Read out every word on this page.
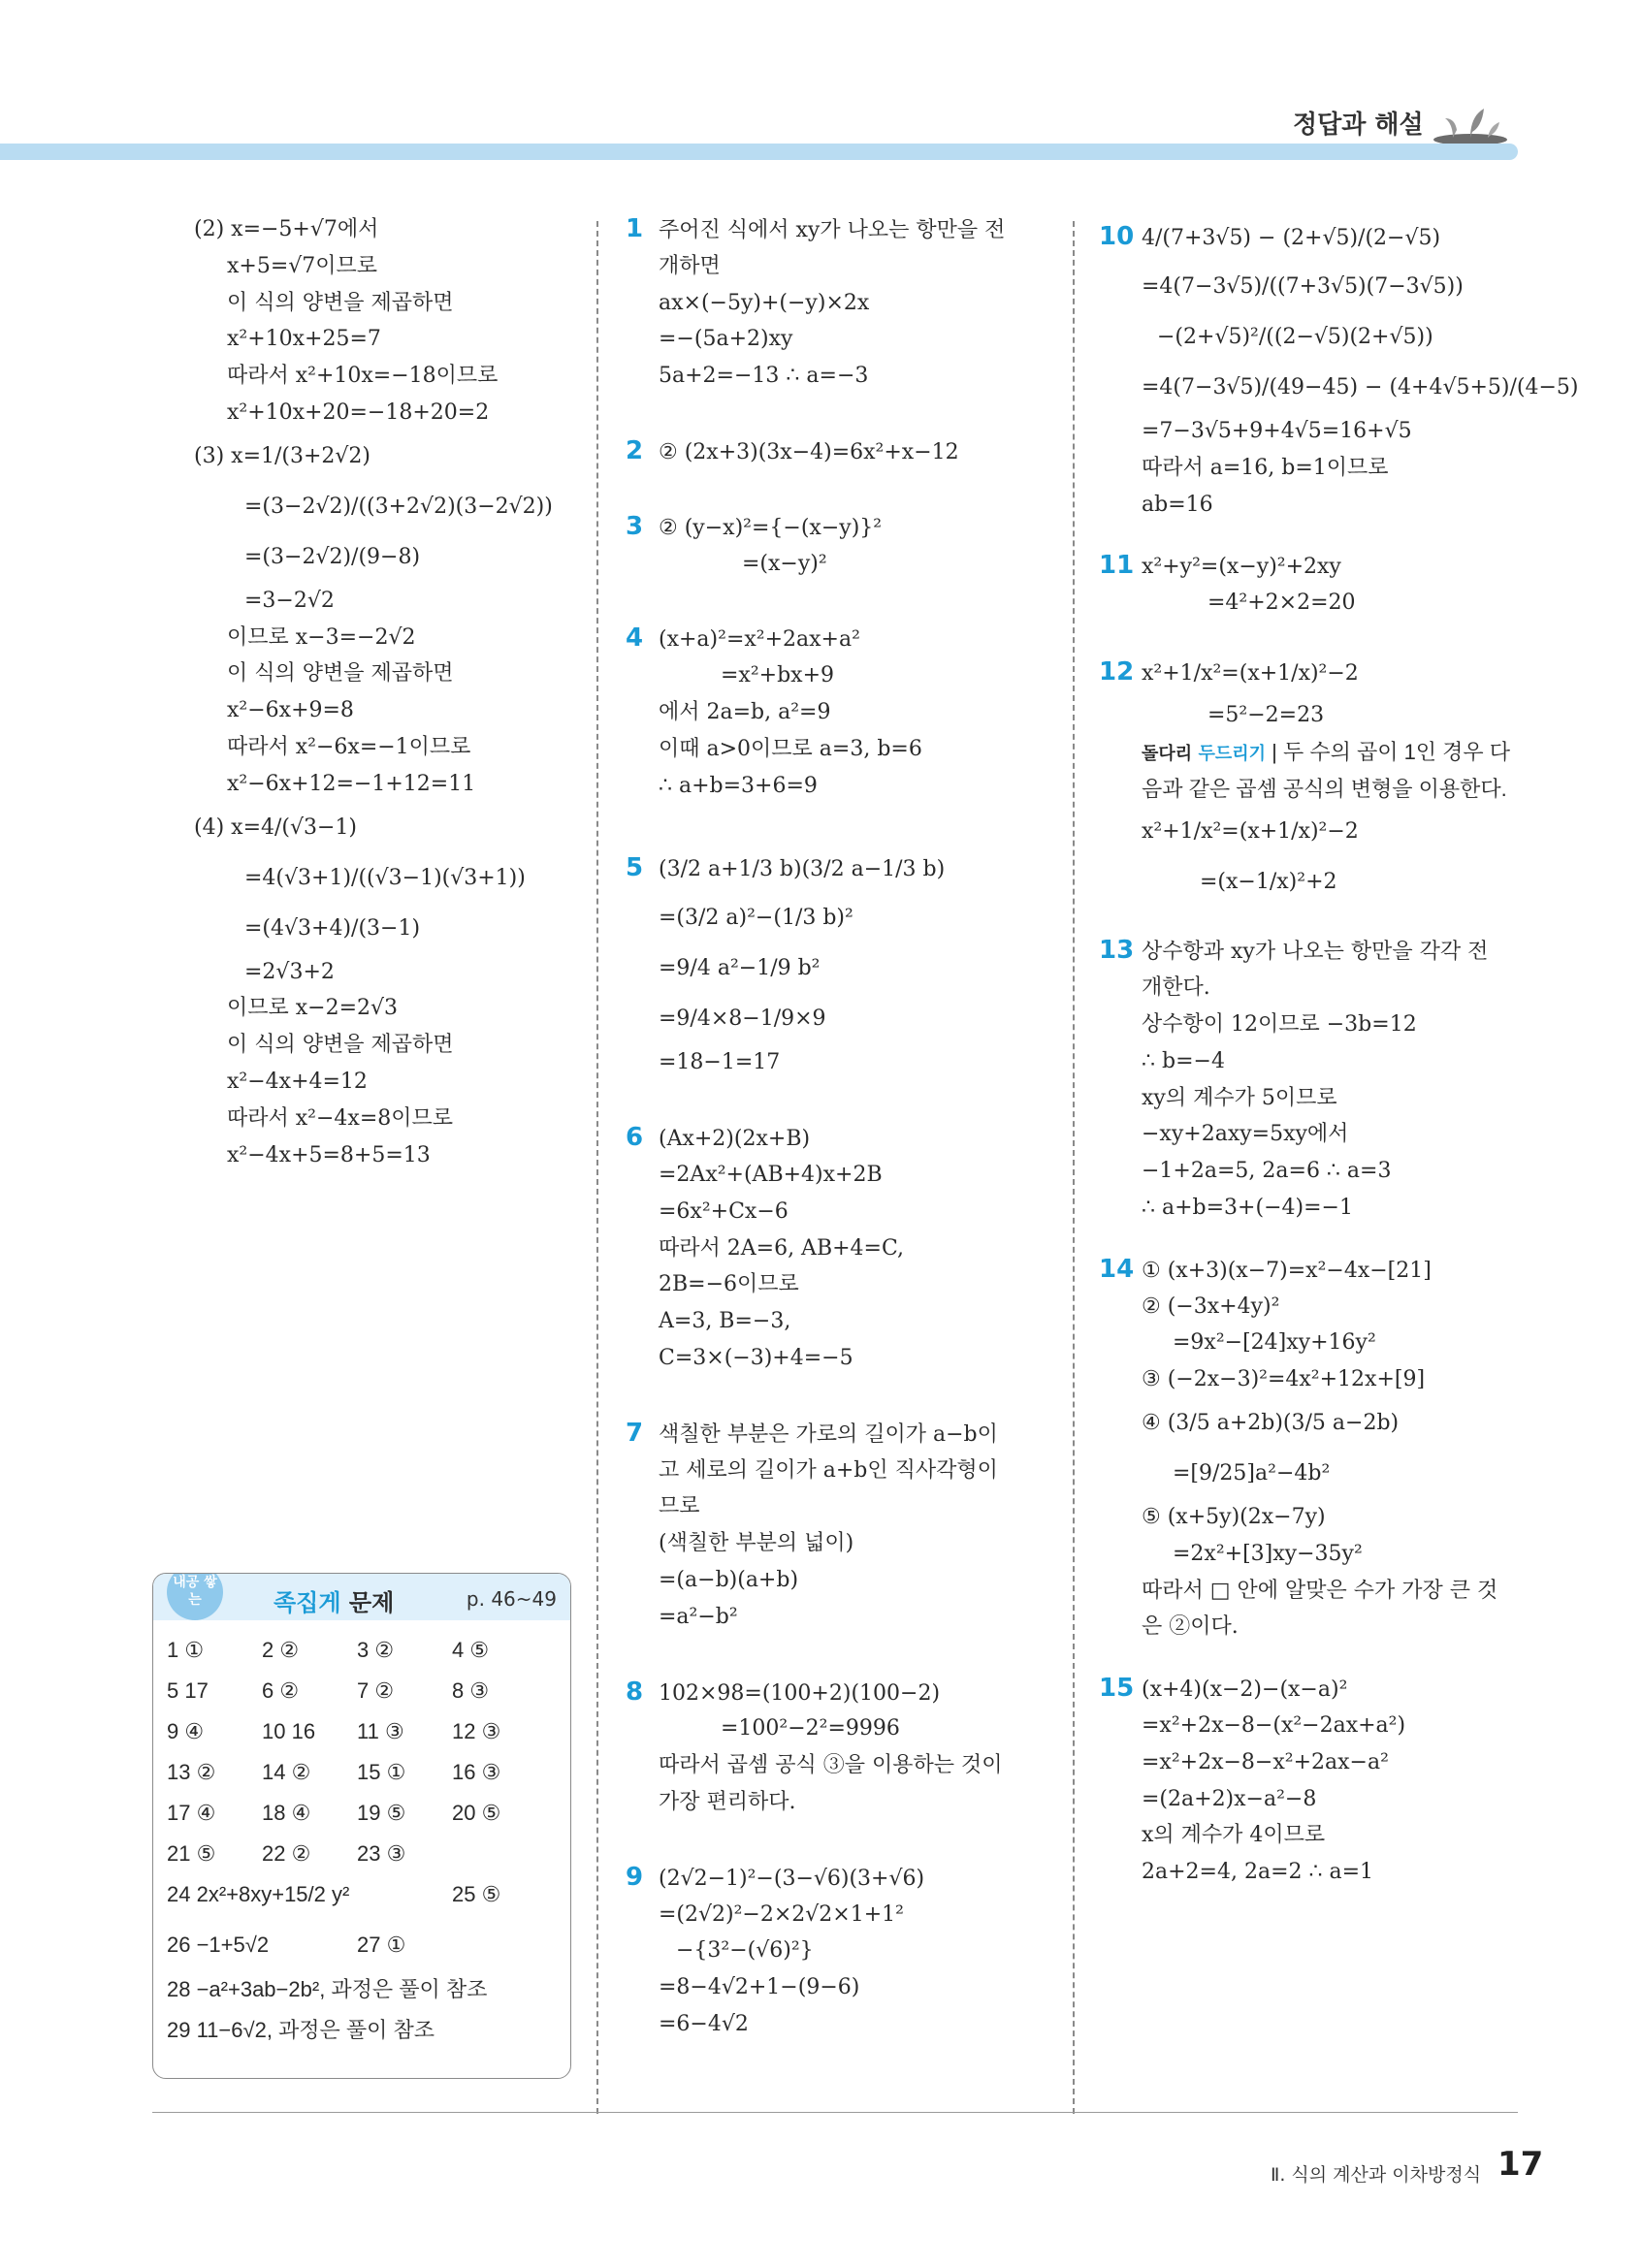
정답과 해설
(2) x=−5+√7에서
x+5=√7이므로
이 식의 양변을 제곱하면
x²+10x+25=7
따라서 x²+10x=−18이므로
x²+10x+20=−18+20=2
(3) x=1/(3+2√2)
=(3−2√2)/((3+2√2)(3−2√2))
=(3−2√2)/(9−8)
=3−2√2
이므로 x−3=−2√2
이 식의 양변을 제곱하면
x²−6x+9=8
따라서 x²−6x=−1이므로
x²−6x+12=−1+12=11
(4) x=4/(√3−1)
=4(√3+1)/((√3−1)(√3+1))
=(4√3+4)/(3−1)
=2√3+2
이므로 x−2=2√3
이 식의 양변을 제곱하면
x²−4x+4=12
따라서 x²−4x=8이므로
x²−4x+5=8+5=13
내공 쌓는	족집게 문제	p. 46~49
1 ①	2 ②	3 ②	4 ⑤
5 17	6 ②	7 ②	8 ③
9 ④	10 16	11 ③	12 ③
13 ②	14 ②	15 ①	16 ③
17 ④	18 ④	19 ⑤	20 ⑤
21 ⑤	22 ②	23 ③
24 2x²+8xy+15/2 y²	25 ⑤
26 −1+5√2	27 ①
28 −a²+3ab−2b², 과정은 풀이 참조
29 11−6√2, 과정은 풀이 참조
1 주어진 식에서 xy가 나오는 항만을 전
개하면
ax×(−5y)+(−y)×2x
=−(5a+2)xy
5a+2=−13 ∴ a=−3
2 ② (2x+3)(3x−4)=6x²+x−12
3 ② (y−x)²={−(x−y)}²
=(x−y)²
4 (x+a)²=x²+2ax+a²
=x²+bx+9
에서 2a=b, a²=9
이때 a>0이므로 a=3, b=6
∴ a+b=3+6=9
5 (3/2 a+1/3 b)(3/2 a−1/3 b)
=(3/2 a)²−(1/3 b)²
=9/4 a²−1/9 b²
=9/4×8−1/9×9
=18−1=17
6 (Ax+2)(2x+B)
=2Ax²+(AB+4)x+2B
=6x²+Cx−6
따라서 2A=6, AB+4=C,
2B=−6이므로
A=3, B=−3,
C=3×(−3)+4=−5
7 색칠한 부분은 가로의 길이가 a−b이
고 세로의 길이가 a+b인 직사각형이
므로
(색칠한 부분의 넓이)
=(a−b)(a+b)
=a²−b²
8 102×98=(100+2)(100−2)
=100²−2²=9996
따라서 곱셈 공식 ③을 이용하는 것이
가장 편리하다.
9 (2√2−1)²−(3−√6)(3+√6)
=(2√2)²−2×2√2×1+1²
−{3²−(√6)²}
=8−4√2+1−(9−6)
=6−4√2
10 4/(7+3√5) − (2+√5)/(2−√5)
=4(7−3√5)/((7+3√5)(7−3√5))
−(2+√5)²/((2−√5)(2+√5))
=4(7−3√5)/(49−45) − (4+4√5+5)/(4−5)
=7−3√5+9+4√5=16+√5
따라서 a=16, b=1이므로
ab=16
11 x²+y²=(x−y)²+2xy
=4²+2×2=20
12 x²+1/x²=(x+1/x)²−2
=5²−2=23
돌다리 두드리기 | 두 수의 곱이 1인 경우 다
음과 같은 곱셈 공식의 변형을 이용한다.
x²+1/x²=(x+1/x)²−2
=(x−1/x)²+2
13 상수항과 xy가 나오는 항만을 각각 전
개한다.
상수항이 12이므로 −3b=12
∴ b=−4
xy의 계수가 5이므로
−xy+2axy=5xy에서
−1+2a=5, 2a=6 ∴ a=3
∴ a+b=3+(−4)=−1
14 ① (x+3)(x−7)=x²−4x−[21]
② (−3x+4y)²
=9x²−[24]xy+16y²
③ (−2x−3)²=4x²+12x+[9]
④ (3/5 a+2b)(3/5 a−2b)
=[9/25]a²−4b²
⑤ (x+5y)(2x−7y)
=2x²+[3]xy−35y²
따라서 □ 안에 알맞은 수가 가장 큰 것
은 ②이다.
15 (x+4)(x−2)−(x−a)²
=x²+2x−8−(x²−2ax+a²)
=x²+2x−8−x²+2ax−a²
=(2a+2)x−a²−8
x의 계수가 4이므로
2a+2=4, 2a=2 ∴ a=1
Ⅱ. 식의 계산과 이차방정식 17
